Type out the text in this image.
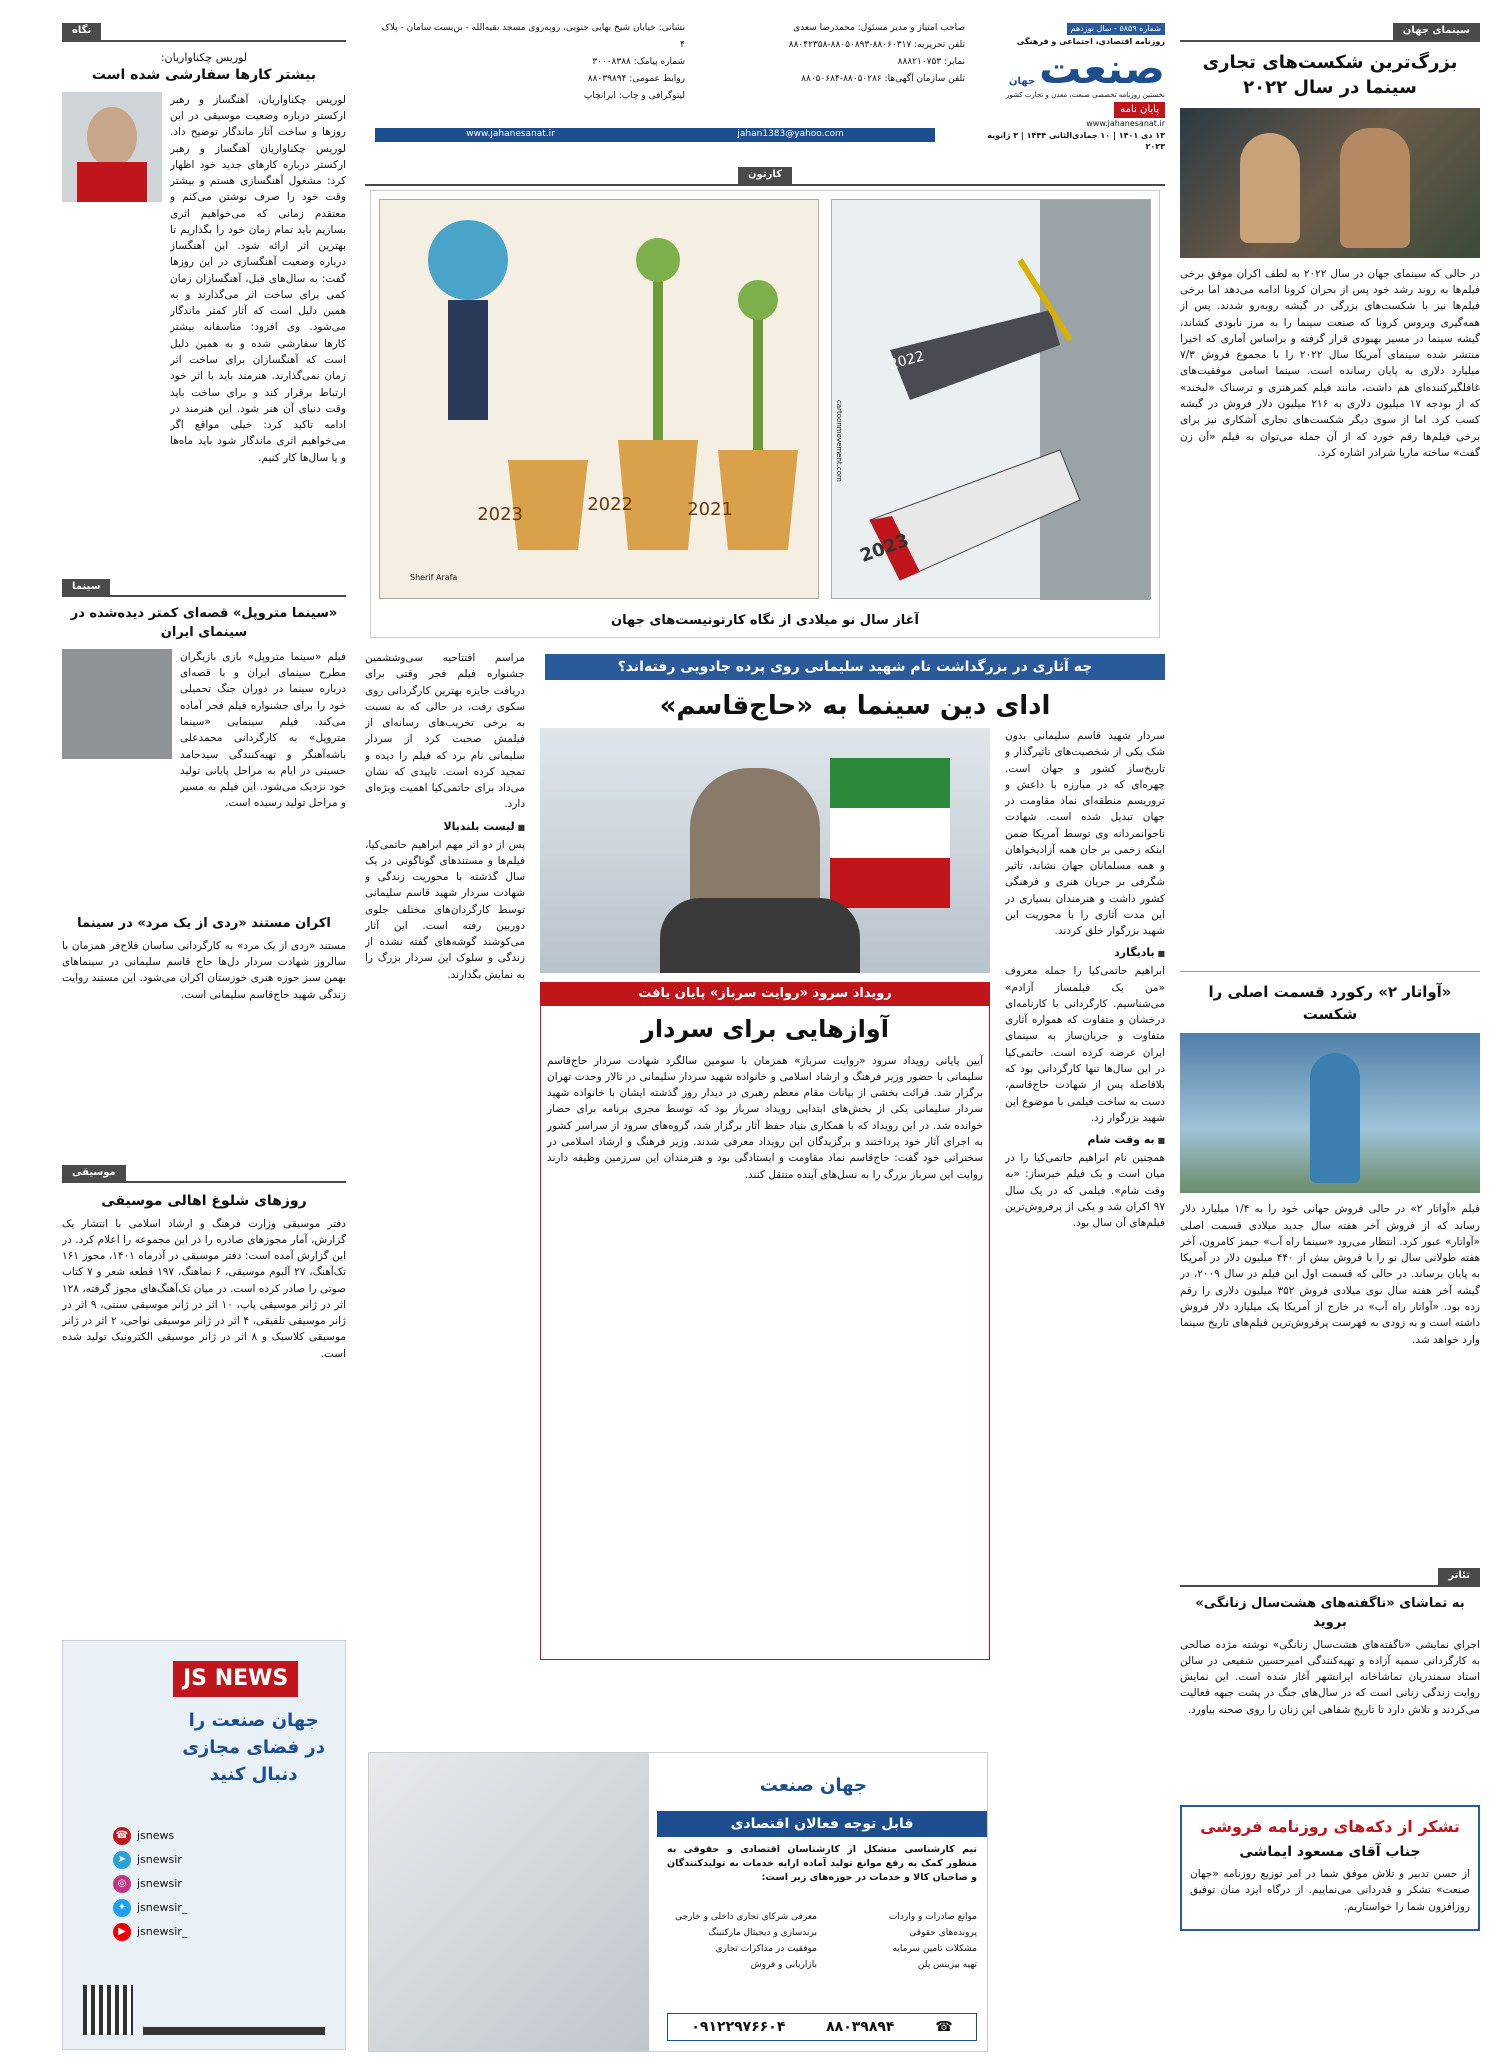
سینمای جهان
بزرگ‌ترین شکست‌های تجاری سینما در سال ۲۰۲۲

در حالی که سینمای جهان در سال ۲۰۲۲ به لطف اکران موفق برخی فیلم‌ها به روند رشد خود پس از بحران کرونا ادامه می‌دهد اما برخی فیلم‌ها نیز با شکست‌های بزرگی در گیشه روبه‌رو شدند. پس از همه‌گیری ویروس کرونا که صنعت سینما را به مرز نابودی کشاند، گیشه سینما در مسیر بهبودی قرار گرفته و براساس آماری که اخیرا منتشر شده سینمای آمریکا سال ۲۰۲۲ را با مجموع فروش ۷/۳ میلیارد دلاری به پایان رسانده است. سینما اسامی موفقیت‌های غافلگیرکننده‌ای هم داشت، مانند فیلم کمرهنزی و ترسناک «لبخند» که از بودجه ۱۷ میلیون دلاری به ۲۱۶ میلیون دلار فروش در گیشه کسب کرد. اما از سوی دیگر شکست‌های تجاری آشکاری نیز برای برخی فیلم‌ها رقم خورد که از آن جمله می‌توان به فیلم «آن زن گفت» ساخته ماریا شرادر اشاره کرد.

«آواتار ۲» رکورد قسمت اصلی را شکست

فیلم «آواتار ۲» در حالی فروش جهانی خود را به ۱/۴ میلیارد دلار رساند که از فروش آخر هفته سال جدید میلادی قسمت اصلی «آواتار» عبور کرد. انتظار می‌رود «سینما راه آب» جیمز کامرون، آخر هفته طولانی سال نو را با فروش بیش از ۴۴۰ میلیون دلار در آمریکا به پایان برساند. در حالی که قسمت اول این فیلم در سال ۲۰۰۹، در گیشه آخر هفته سال نوی میلادی فروش ۳۵۲ میلیون دلاری را رقم زده بود. «آواتار راه آب» در خارج از آمریکا یک میلیارد دلار فروش داشته است و به زودی به فهرست پرفروش‌ترین فیلم‌های تاریخ سینما وارد خواهد شد.

تئاتر
به تماشای «ناگفته‌های هشت‌سال زنانگی» بروید

اجرای نمایشی «ناگفته‌های هشت‌سال زنانگی» نوشته مژده صالحی به کارگردانی سمیه آزاده و تهیه‌کنندگی امیرحسین شفیعی در سالن استاد سمندریان تماشاخانه ایرانشهر آغاز شده است. این نمایش روایت زندگی زنانی است که در سال‌های جنگ در پشت جبهه فعالیت می‌کردند و تلاش دارد تا تاریخ شفاهی این زنان را روی صحنه بیاورد.

تشکر از دکه‌های روزنامه فروشی
جناب آقای مسعود ایماشی

از حسن تدبیر و تلاش موفق شما در امر توزیع روزنامه «جهان صنعت» تشکر و قدردانی می‌نماییم. از درگاه ایزد منان توفیق روزافزون شما را خواستاریم.

شماره ۵۸۵۹ - سال نوزدهم
روزنامه اقتصادی، اجتماعی و فرهنگی
صنعت
جهان
نخستین روزنامه تخصصی صنعت، معدن و تجارت کشور
پایان نامه
www.jahanesanat.ir
۱۳ دی ۱۴۰۱ | ۱۰ جمادی‌الثانی ۱۴۴۴ | ۳ ژانویه ۲۰۲۳
صاحب امتیاز و مدیر مسئول: محمدرضا سعدی
تلفن تحریریه: ۸۸۰۶۰۳۱۷-۸۸۰۵۰۸۹۳-۸۸۰۴۲۳۵۸
نمابر: ۸۸۸۲۱۰۷۵۳
تلفن سازمان آگهی‌ها: ۸۸۰۵۰۲۸۶-۸۸۰۵۰۶۸۴
نشانی: خیابان شیخ بهایی جنوبی، روبه‌روی مسجد بقیه‌الله - بن‌بست سامان - پلاک ۴
شماره پیامک: ۳۰۰۰۸۳۸۸
روابط عمومی: ۸۸۰۳۹۸۹۴
لیتوگرافی و چاپ: ایرانچاپ
www.jahanesanat.ir	jahan1383@yahoo.com
کارتون
2022
2023
cartoonmovement.com
2023	2022	2021
Sherif Arafa
آغاز سال نو میلادی از نگاه کارتونیست‌های جهان
چه آثاری در بزرگداشت نام شهید سلیمانی روی پرده جادویی رفته‌اند؟
ادای دین سینما به «حاج‌قاسم»

سردار شهید قاسم سلیمانی بدون شک یکی از شخصیت‌های تاثیرگذار و تاریخ‌ساز کشور و جهان است. چهره‌ای که در مبارزه با داعش و تروریسم منطقه‌ای نماد مقاومت در جهان تبدیل شده است. شهادت ناجوانمردانه وی توسط آمریکا ضمن اینکه زخمی بر جان همه آزادیخواهان و همه مسلمانان جهان نشاند، تاثیر شگرفی بر جریان هنری و فرهنگی کشور داشت و هنرمندان بسیاری در این مدت آثاری را با محوریت این شهید بزرگوار خلق کردند.

■ بادیگارد

ابراهیم حاتمی‌کیا را جمله معروف «من یک فیلمساز آزادم» می‌شناسیم. کارگردانی با کارنامه‌ای درخشان و متفاوت که همواره آثاری متفاوت و جریان‌ساز به سینمای ایران عرضه کرده است. حاتمی‌کیا در این سال‌ها تنها کارگردانی بود که بلافاصله پس از شهادت حاج‌قاسم، دست به ساخت فیلمی با موضوع این شهید بزرگوار زد.

■ به وقت شام

همچنین نام ابراهیم حاتمی‌کیا را در میان است و یک فیلم خبرساز: «به وقت شام». فیلمی که در یک سال ۹۷ اکران شد و یکی از پرفروش‌ترین فیلم‌های آن سال بود.

رویداد سرود «روایت سرباز» پایان یافت
آوازهایی برای سردار

آیین پایانی رویداد سرود «روایت سرباز» همزمان با سومین سالگرد شهادت سردار حاج‌قاسم سلیمانی با حضور وزیر فرهنگ و ارشاد اسلامی و خانواده شهید سردار سلیمانی در تالار وحدت تهران برگزار شد. قرائت بخشی از بیانات مقام معظم رهبری در دیدار روز گذشته ایشان با خانواده شهید سردار سلیمانی یکی از بخش‌های ابتدایی رویداد سرباز بود که توسط مجری برنامه برای حضار خوانده شد. در این رویداد که با همکاری بنیاد حفظ آثار برگزار شد، گروه‌های سرود از سراسر کشور به اجرای آثار خود پرداختند و برگزیدگان این رویداد معرفی شدند. وزیر فرهنگ و ارشاد اسلامی در سخنرانی خود گفت: حاج‌قاسم نماد مقاومت و ایستادگی بود و هنرمندان این سرزمین وظیفه دارند روایت این سرباز بزرگ را به نسل‌های آینده منتقل کنند.

مراسم افتتاحیه سی‌وششمین جشنواره فیلم فجر وقتی برای دریافت جایزه بهترین کارگردانی روی سکوی رفت، در حالی که به نسبت به برخی تخریب‌های رسانه‌ای از فیلمش صحبت کرد از سردار سلیمانی نام برد که فیلم را دیده و تمجید کرده است. تاییدی که نشان می‌داد برای حاتمی‌کیا اهمیت ویژه‌ای دارد.

■ لیست بلند‌بالا

پس از دو اثر مهم ابراهیم حاتمی‌کیا، فیلم‌ها و مستندهای گوناگونی در یک سال گذشته با محوریت زندگی و شهادت سردار شهید قاسم سلیمانی توسط کارگردان‌های مختلف جلوی دوربین رفته است. این آثار می‌کوشند گوشه‌های گفته نشده از زندگی و سلوک این سردار بزرگ را به نمایش بگذارند.

نگاه
لوریس چکناواریان:
بیشتر کارها سفارشی شده است

لوریس چکناواریان، آهنگساز و رهبر ارکستر درباره وضعیت موسیقی در این روزها و ساخت آثار ماندگار توضیح داد. لوریس چکناواریان آهنگساز و رهبر ارکستر درباره کارهای جدید خود اظهار کرد: مشغول آهنگسازی هستم و بیشتر وقت خود را صرف نوشتن می‌کنم و معتقدم زمانی که می‌خواهیم اثری بسازیم باید تمام زمان خود را بگذاریم تا بهترین اثر ارائه شود. این آهنگساز درباره وضعیت آهنگسازی در این روزها گفت: به سال‌های قبل، آهنگسازان زمان کمی برای ساخت اثر می‌گذارند و به همین دلیل است که آثار کمتر ماندگار می‌شود. وی افزود: متاسفانه بیشتر کارها سفارشی شده و به همین دلیل است که آهنگسازان برای ساخت اثر زمان نمی‌گذارند. هنرمند باید با اثر خود ارتباط برقرار کند و برای ساخت باید وقت دنیای آن هنر شود. این هنرمند در ادامه تاکید کرد: خیلی مواقع اگر می‌خواهیم اثری ماندگار شود باید ماه‌ها و یا سال‌ها کار کنیم.

سینما
«سینما متروپل» قصه‌ای کمتر دیده‌شده در سینمای ایران

فیلم «سینما متروپل» بازی بازیگران مطرح سینمای ایران و با قصه‌ای درباره سینما در دوران جنگ تحمیلی خود را برای جشنواره فیلم فجر آماده می‌کند. فیلم سینمایی «سینما متروپل» به کارگردانی محمدعلی باشه‌آهنگر و تهیه‌کنندگی سیدحامد حسینی در ایام به مراحل پایانی تولید خود نزدیک می‌شود. این فیلم به مسیر و مراحل تولید رسیده است.

اکران مستند «ردی از یک مرد» در سینما

مستند «ردی از یک مرد» به کارگردانی ساسان فلاح‌فر همزمان با سالروز شهادت سردار دل‌ها حاج قاسم سلیمانی در سینماهای بهمن سبز حوزه هنری خوزستان اکران می‌شود. این مستند روایت زندگی شهید حاج‌قاسم سلیمانی است.

موسیقی
روزهای شلوغ اهالی موسیقی

دفتر موسیقی وزارت فرهنگ و ارشاد اسلامی با انتشار یک گزارش، آمار مجوزهای صادره را در این مجموعه را اعلام کرد. در این گزارش آمده است: دفتر موسیقی در آذرماه ۱۴۰۱، مجوز ۱۶۱ تک‌آهنگ، ۲۷ آلبوم موسیقی، ۶ نماهنگ، ۱۹۷ قطعه شعر و ۷ کتاب صوتی را صادر کرده است. در میان تک‌آهنگ‌های مجوز گرفته، ۱۲۸ اثر در ژانر موسیقی پاپ، ۱۰ اثر در ژانر موسیقی سنتی، ۹ اثر در ژانر موسیقی تلفیقی، ۴ اثر در ژانر موسیقی نواحی، ۲ اثر در ژانر موسیقی کلاسیک و ۸ اثر در ژانر موسیقی الکترونیک تولید شده است.

JS NEWS
جهان صنعت را
در فضای مجازی
دنبال کنید
☎ jsnews
➤ jsnewsir
◎ jsnewsir
✦ jsnewsir_
▶	jsnewsir_
جهان صنعت
قابل توجه فعالان اقتصادی

تیم کارشناسی متشکل از کارشناسان اقتصادی و حقوقی به منظور کمک به رفع موانع تولید آماده ارایه خدمات به تولیدکنندگان و صاحبان کالا و خدمات در حوزه‌های زیر است:

موانع صادرات و واردات
معرفی شرکای تجاری داخلی و خارجی
پرونده‌های حقوقی
برندسازی و دیجیتال مارکتینگ
مشکلات تامین سرمایه
موفقیت در مذاکرات تجاری
تهیه بیزینس پلن
بازاریابی و فروش
☎
۸۸۰۳۹۸۹۴
۰۹۱۲۲۹۷۶۶۰۴
